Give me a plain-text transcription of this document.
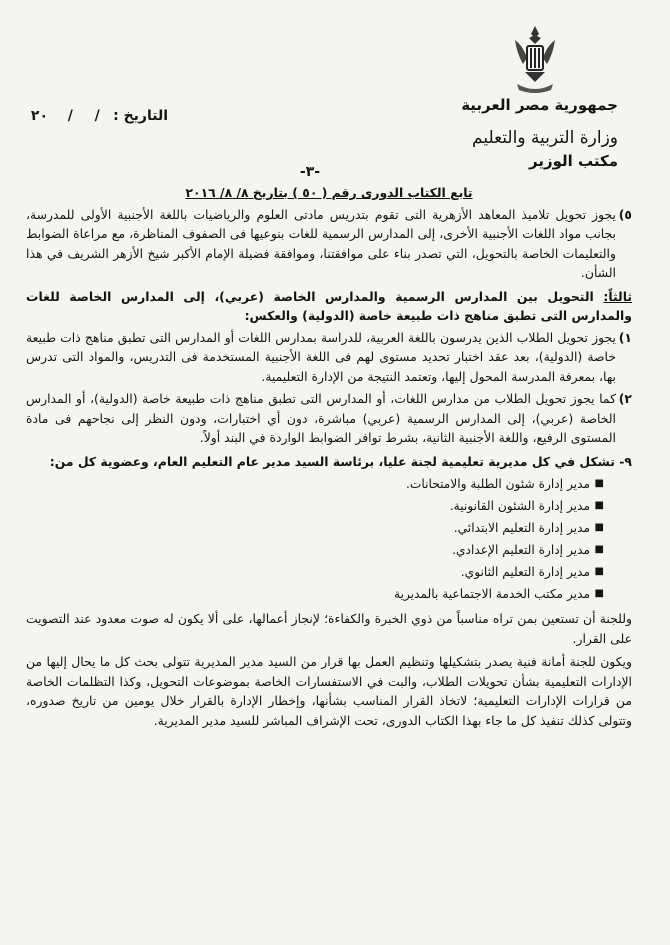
جمهورية مصر العربية
وزارة التربية والتعليم
مكتب الوزير
التاريخ : / / ٢٠
-٣-
تابع الكتاب الدورى رقم ( ٥٠ ) بتاريخ ٨/ ٨/ ٢٠١٦
٥)
يجوز تحويل تلاميذ المعاهد الأزهرية التى تقوم بتدريس مادتى العلوم والرياضيات باللغة الأجنبية الأولى للمدرسة، بجانب مواد اللغات الأجنبية الأخرى، إلى المدارس الرسمية للغات بنوعيها فى الصفوف المناظرة، مع مراعاة الضوابط والتعليمات الخاصة بالتحويل، التي تصدر بناء على موافقتنا، وموافقة فضيلة الإمام الأكبر شيخ الأزهر الشريف في هذا الشأن.
ثالثاً: التحويل بين المدارس الرسمية والمدارس الخاصة (عربي)، إلى المدارس الخاصة للغات والمدارس التى تطبق مناهج ذات طبيعة خاصة (الدولية) والعكس:
١)
يجوز تحويل الطلاب الذين يدرسون باللغة العربية، للدراسة بمدارس اللغات أو المدارس التى تطبق مناهج ذات طبيعة خاصة (الدولية)، بعد عقد اختبار تحديد مستوى لهم فى اللغة الأجنبية المستخدمة فى التدريس، والمواد التى تدرس بها، بمعرفة المدرسة المحول إليها، وتعتمد النتيجة من الإدارة التعليمية.
٢)
كما يجوز تحويل الطلاب من مدارس اللغات، أو المدارس التى تطبق مناهج ذات طبيعة خاصة (الدولية)، أو المدارس الخاصة (عربي)، إلى المدارس الرسمية (عربي) مباشرة، دون أي اختبارات، ودون النظر إلى نجاحهم فى مادة المستوى الرفيع، واللغة الأجنبية الثانية، بشرط توافر الضوابط الواردة في البند أولاً.
٩- تشكل في كل مديرية تعليمية لجنة عليا، برئاسة السيد مدير عام التعليم العام، وعضوية كل من:
■
مدير إدارة شئون الطلبة والامتحانات.
■
مدير إدارة الشئون القانونية.
■
مدير إدارة التعليم الابتدائي.
■
مدير إدارة التعليم الإعدادي.
■
مدير إدارة التعليم الثانوي.
■
مدير مكتب الخدمة الاجتماعية بالمديرية

وللجنة أن تستعين بمن تراه مناسباً من ذوي الخبرة والكفاءة؛ لإنجاز أعمالها، على ألا يكون له صوت معدود عند التصويت على القرار.

ويكون للجنة أمانة فنية يصدر بتشكيلها وتنظيم العمل بها قرار من السيد مدير المديرية تتولى بحث كل ما يحال إليها من الإدارات التعليمية بشأن تحويلات الطلاب، والبت في الاستفسارات الخاصة بموضوعات التحويل، وكذا التظلمات الخاصة من قرارات الإدارات التعليمية؛ لاتخاذ القرار المناسب بشأنها، وإخطار الإدارة بالقرار خلال يومين من تاريخ صدوره، وتتولى كذلك تنفيذ كل ما جاء بهذا الكتاب الدورى، تحت الإشراف المباشر للسيد مدير المديرية.
